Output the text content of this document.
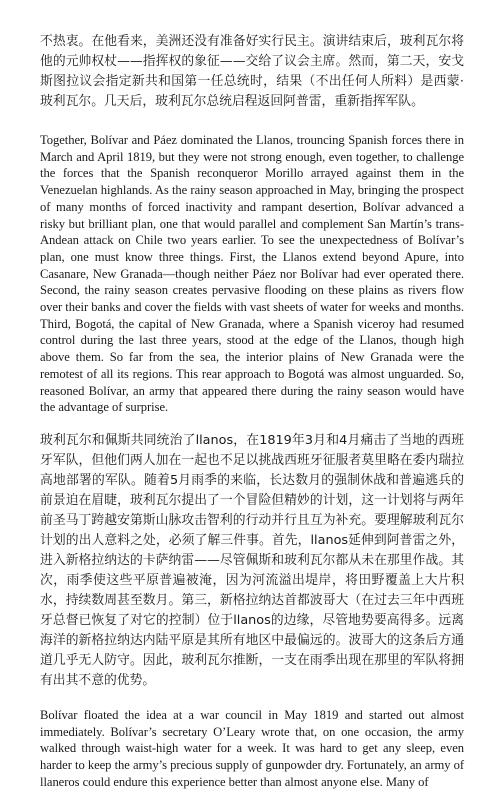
不热衷。在他看来，美洲还没有准备好实行民主。演讲结束后，玻利瓦尔将他的元帅权杖——指挥权的象征——交给了议会主席。然而，第二天，安戈斯图拉议会指定新共和国第一任总统时，结果（不出任何人所料）是西蒙·玻利瓦尔。几天后，玻利瓦尔总统启程返回阿普雷，重新指挥军队。

Together, Bolívar and Páez dominated the Llanos, trouncing Spanish forces there in March and April 1819, but they were not strong enough, even together, to challenge the forces that the Spanish reconqueror Morillo arrayed against them in the Venezuelan highlands. As the rainy season approached in May, bringing the prospect of many months of forced inactivity and rampant desertion, Bolívar advanced a risky but brilliant plan, one that would parallel and complement San Martín’s trans-Andean attack on Chile two years earlier. To see the unexpectedness of Bolívar’s plan, one must know three things. First, the Llanos extend beyond Apure, into Casanare, New Granada—though neither Páez nor Bolívar had ever operated there. Second, the rainy season creates pervasive flooding on these plains as rivers flow over their banks and cover the fields with vast sheets of water for weeks and months. Third, Bogotá, the capital of New Granada, where a Spanish viceroy had resumed control during the last three years, stood at the edge of the Llanos, though high above them. So far from the sea, the interior plains of New Granada were the remotest of all its regions. This rear approach to Bogotá was almost unguarded. So, reasoned Bolívar, an army that appeared there during the rainy season would have the advantage of surprise.

玻利瓦尔和佩斯共同统治了llanos，在1819年3月和4月痛击了当地的西班牙军队，但他们两人加在一起也不足以挑战西班牙征服者莫里略在委内瑞拉高地部署的军队。随着5月雨季的来临，长达数月的强制休战和普遍逃兵的前景迫在眉睫，玻利瓦尔提出了一个冒险但精妙的计划，这一计划将与两年前圣马丁跨越安第斯山脉攻击智利的行动并行且互为补充。要理解玻利瓦尔计划的出人意料之处，必须了解三件事。首先，llanos延伸到阿普雷之外，进入新格拉纳达的卡萨纳雷——尽管佩斯和玻利瓦尔都从未在那里作战。其次，雨季使这些平原普遍被淹，因为河流溢出堤岸，将田野覆盖上大片积水，持续数周甚至数月。第三，新格拉纳达首都波哥大（在过去三年中西班牙总督已恢复了对它的控制）位于llanos的边缘，尽管地势要高得多。远离海洋的新格拉纳达内陆平原是其所有地区中最偏远的。波哥大的这条后方通道几乎无人防守。因此，玻利瓦尔推断，一支在雨季出现在那里的军队将拥有出其不意的优势。

Bolívar floated the idea at a war council in May 1819 and started out almost immediately. Bolívar’s secretary O’Leary wrote that, on one occasion, the army walked through waist-high water for a week. It was hard to get any sleep, even harder to keep the army’s precious supply of gunpowder dry. Fortunately, an army of llaneros could endure this experience better than almost anyone else. Many of
